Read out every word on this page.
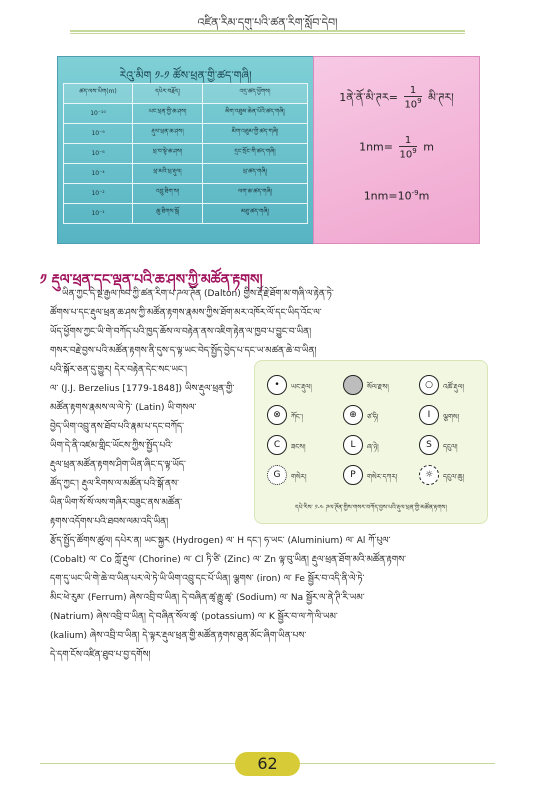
འཛིན་རིམ་དགུ་པའི་ཚན་རིག་སློབ་དེབ།
རེའུ་མིག ༡-༡ ཚོས་ཕྲན་གྱི་ཚད་གཞི།
ཚད་ལས་ཡིག(m)	དཔེར་བརྗོད།	འདྲ་ཚད་ཕྱོགས།
10⁻¹⁰	ཡང་ཕྲན་གྱི་ཆ་ཤས།	མིག་འཐུམ་ཆེན་པོའི་ཚད་གཞི།
10⁻⁹	རྡུལ་ཕྲན་ཆ་ཤས།	མིག་འཐུམ་གྱི་ཚད་གཞི།
10⁻⁶	ཕྲ་བ་སྟེ་ཆ་ཤས།	དྲང་སྲོང་གི་ཚད་གཞི།
10⁻⁴	ཕྲ་མའི་ཕྲ་རྡུལ།	ཕྲ་ཚད་གཞི།
10⁻²	འབྲུ་ཐིག་ས།	ལག་ཆ་ཚད་གཞི།
10⁻¹	ཆུ་ཐིགས་སྒོ	མཐུ་ཚད་གཞི།
1ནེ་ནོ་མི་ཊར= $\frac{1}{10^9}$ མི་ཊར།
$1nm= \frac{1}{10^9}$ m
$1nm=10^{-9}m$
༡ རྡུལ་ཕྲན་དང་ལྡན་པའི་ཆ་ཤས་ཀྱི་མཚོན་རྟགས།
ཡིན་ཀྱང་དེ་སྔ་རྒྱལ་ཁབ་ཀྱི་ཚན་རིག་པ་ཌལ་ཊོན (Dalton) གྱིས་རྡོ་རྗེ་ཐོག་མ་གཞི་ལ་རྟེན་ཏེ་
ཚོགས་པ་དང་རྡུལ་ཕྲན་ཆ་ཤས་ཀྱི་མཚོན་རྟགས་རྣམས་ཀྱིས་ཐོག་མར་འཁོར་ལོ་དང་ཡིད་འོང་ལ་
ཡོད་ཕྱོགས་ཀྱང་ཡི་གེ་བཀོད་པའི་ཁྱད་ཆོས་ལ་བརྟེན་ནས་འཇིག་རྟེན་ལ་ཁྱབ་པ་བྱུང་བ་ཡིན།
གསར་བརྗེ་བྱས་པའི་མཚོན་རྟགས་ནི་དུས་ད་ལྟ་ཡང་བེད་སྤྱོད་བྱེད་པ་དང་ཡ་མཚན་ཆེ་བ་ཡིན།
པའི་སྐོར་ཅན་དུ་གྱུར། དེར་བརྟེན་དེང་སང་ཡང་།
ལ་ (J.J. Berzelius [1779-1848]) ཡིས་རྡུལ་ཕྲན་གྱི་
མཚོན་རྟགས་རྣམས་ལ་ལེ་ཏེ་ (Latin) ཡི་གསལ་
བྱེད་ཡིག་འབྲུ་ནས་ཐོབ་པའི་རྣམ་པ་དང་བཀོད་
ཡིག་དེ་ནི་འཛམ་གླིང་ཡོངས་ཀྱིས་སྤྱོད་པའི་
རྡུལ་ཕྲན་མཚོན་རྟགས་ཤིག་ཡིན་ཞིང་ད་ལྟ་ཡོད་
ཚོད་ཀྱང་། རྡུལ་རིགས་ལ་མཚོན་པའི་སྒོ་ནས་
ཡིན་ཡིག་སོ་སོ་ལས་གཞིར་བཟུང་ནས་མཚོན་
རྟགས་འདོགས་པའི་ཐབས་ལམ་འདི་ཡིན།
•	ཡང་རྡུལ།	སོལ་རྫས།	○	འཚོ་རྡུལ།
⊗	ཀོང་།	⊕	ཙ་ཧི།	I	ལྕགས།
C	ཟངས།	L	ཞ་ཉེ།	S	དངུལ།
G	གསེར།	P	གསེར་དཀར།	☼	དངུལ་ཆུ།
དཔེ་རིས་ ༡-༤ ཌལ་ཊོན་གྱིས་གསར་བཀོད་བྱས་པའི་རྡུལ་ཕྲན་གྱི་མཚོན་རྟགས།
རྩོད་སྤྱོད་ཚོགས་ཚུལ། དཔེར་ན། ཡང་སྐྱར (Hydrogen) ལ་ H དང་། ཧ་ཡང་ (Aluminium) ལ་ Al ཀོ་པུལ་
(Cobalt) ལ་ Co ཀློ་རྡུལ་ (Chorine) ལ་ Cl ཏི་ཙི་ (Zinc) ལ་ Zn ལྟ་བུ་ཡིན། རྡུལ་ཕྲན་ཐོག་མའི་མཚོན་རྟགས་
དག་དུ་ཡང་ཡི་གེ་ཆེ་བ་ཡིན་པར་ལེ་ཏེ་ཡི་ཡིག་འབྲུ་དང་པོ་ཡིན། ལྕགས་ (iron) ལ་ Fe སྦྱོར་བ་འདི་ནི་ལེ་ཏེ་
མིང་ཕེ་རུམ་ (Ferrum) ཞེས་འབྲི་བ་ཡིན། དེ་བཞིན་ཚྭ་རྒྱུ་ཚྭ་ (Sodium) ལ་ Na སྦྱོར་ལ་ནེ་ཊི་རི་ཡམ་
(Natrium) ཞེས་འབྲི་བ་ཡིན། དེ་བཞིན་སོལ་ཚྭ་ (potassium) ལ་ K སྦྱོར་བ་ལ་ཀེ་ལི་ཡམ་
(kalium) ཞེས་འབྲི་བ་ཡིན། དེ་ལྟར་རྡུལ་ཕྲན་གྱི་མཚོན་རྟགས་ཐུན་མོང་ཞིག་ཡིན་པས་
དེ་དག་ངོས་འཛིན་ཐུབ་པ་བྱ་དགོས།
62
